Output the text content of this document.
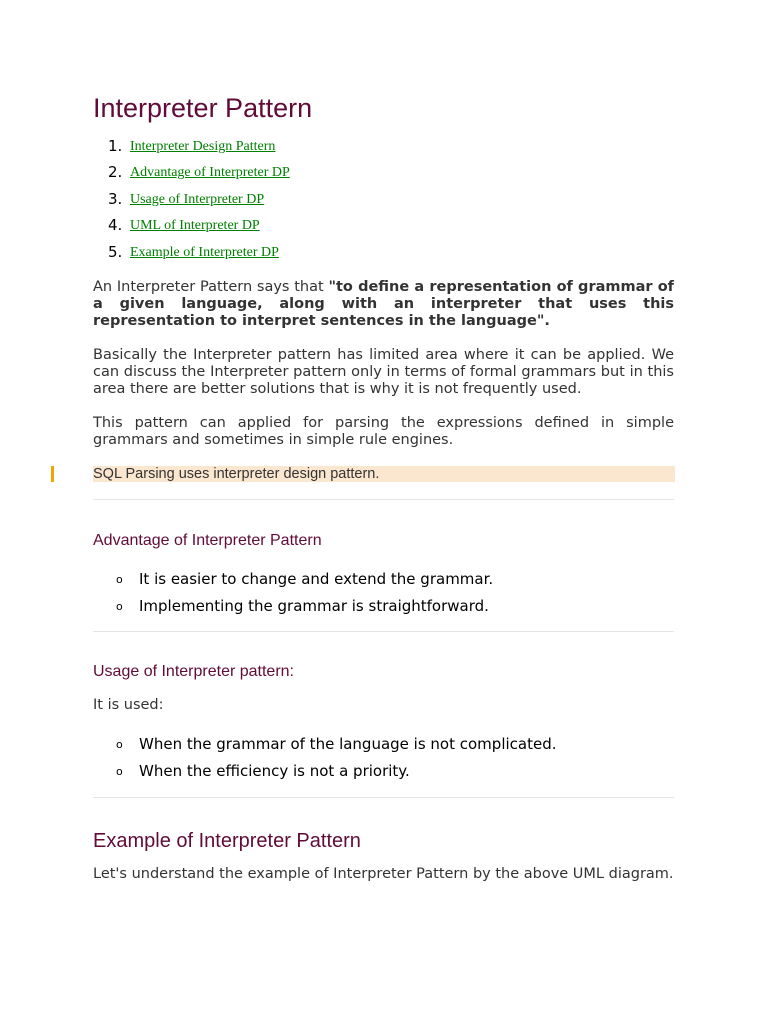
Interpreter Pattern
Interpreter Design Pattern
Advantage of Interpreter DP
Usage of Interpreter DP
UML of Interpreter DP
Example of Interpreter DP

An Interpreter Pattern says that "to define a representation of grammar of a given language, along with an interpreter that uses this representation to interpret sentences in the language".

Basically the Interpreter pattern has limited area where it can be applied. We can discuss the Interpreter pattern only in terms of formal grammars but in this area there are better solutions that is why it is not frequently used.

This pattern can applied for parsing the expressions defined in simple grammars and sometimes in simple rule engines.

SQL Parsing uses interpreter design pattern.
Advantage of Interpreter Pattern
o It is easier to change and extend the grammar.
o Implementing the grammar is straightforward.
Usage of Interpreter pattern:

It is used:

o When the grammar of the language is not complicated.
o When the efficiency is not a priority.
Example of Interpreter Pattern

Let's understand the example of Interpreter Pattern by the above UML diagram.
